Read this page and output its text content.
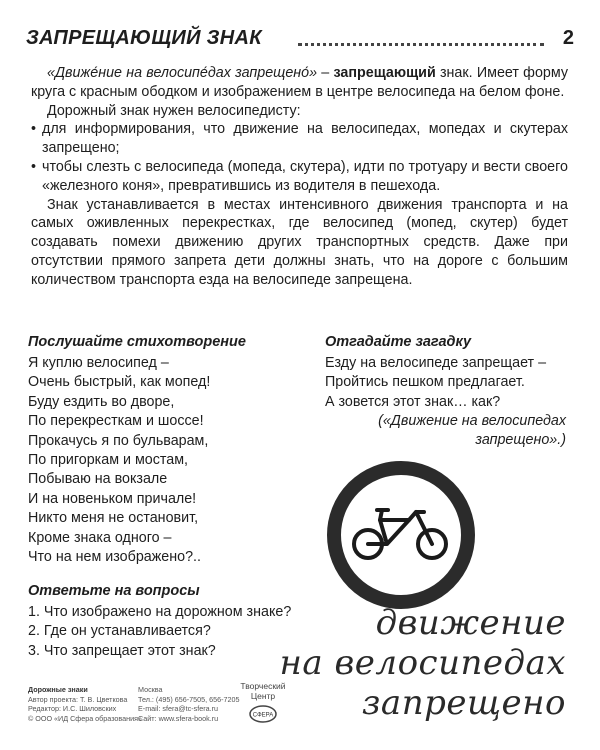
ЗАПРЕЩАЮЩИЙ ЗНАК	2

«Движе́ние на велосипе́дах запрещено́» – запрещающий знак. Имеет форму круга с красным ободком и изображением в центре велосипеда на белом фоне.

Дорожный знак нужен велосипедисту:

• для информирования, что движение на велосипедах, мопедах и скутерах запрещено;
• чтобы слезть с велосипеда (мопеда, скутера), идти по тротуару и вести своего «железного коня», превратившись из водителя в пешехода.

Знак устанавливается в местах интенсивного движения транспорта и на самых оживленных перекрестках, где велосипед (мопед, скутер) будет создавать помехи движению других транспортных средств. Даже при отсутствии прямого запрета дети должны знать, что на дороге с большим количеством транспорта езда на велосипеде запрещена.

Послушайте стихотворение
Я куплю велосипед –
Очень быстрый, как мопед!
Буду ездить во дворе,
По перекресткам и шоссе!
Прокачусь я по бульварам,
По пригоркам и мостам,
Побываю на вокзале
И на новеньком причале!
Никто меня не остановит,
Кроме знака одного –
Что на нем изображено?..
Отгадайте загадку
Езду на велосипеде запрещает –
Пройтись пешком предлагает.
А зовется этот знак… как?
(«Движение на велосипедах
запрещено».)
Ответьте на вопросы
1. Что изображено на дорожном знаке?
2. Где он устанавливается?
3. Что запрещает этот знак?
движение
на велосипедах
запрещено
Дорожные знаки
Автор проекта: Т. В. Цветкова
Редактор: И.С. Шиловских
© ООО «ИД Сфера образования»
Москва
Тел.: (495) 656-7505, 656-7205
E-mail: sfera@tc-sfera.ru
Сайт: www.sfera-book.ru
Творческий
Центр
СФЕРА
